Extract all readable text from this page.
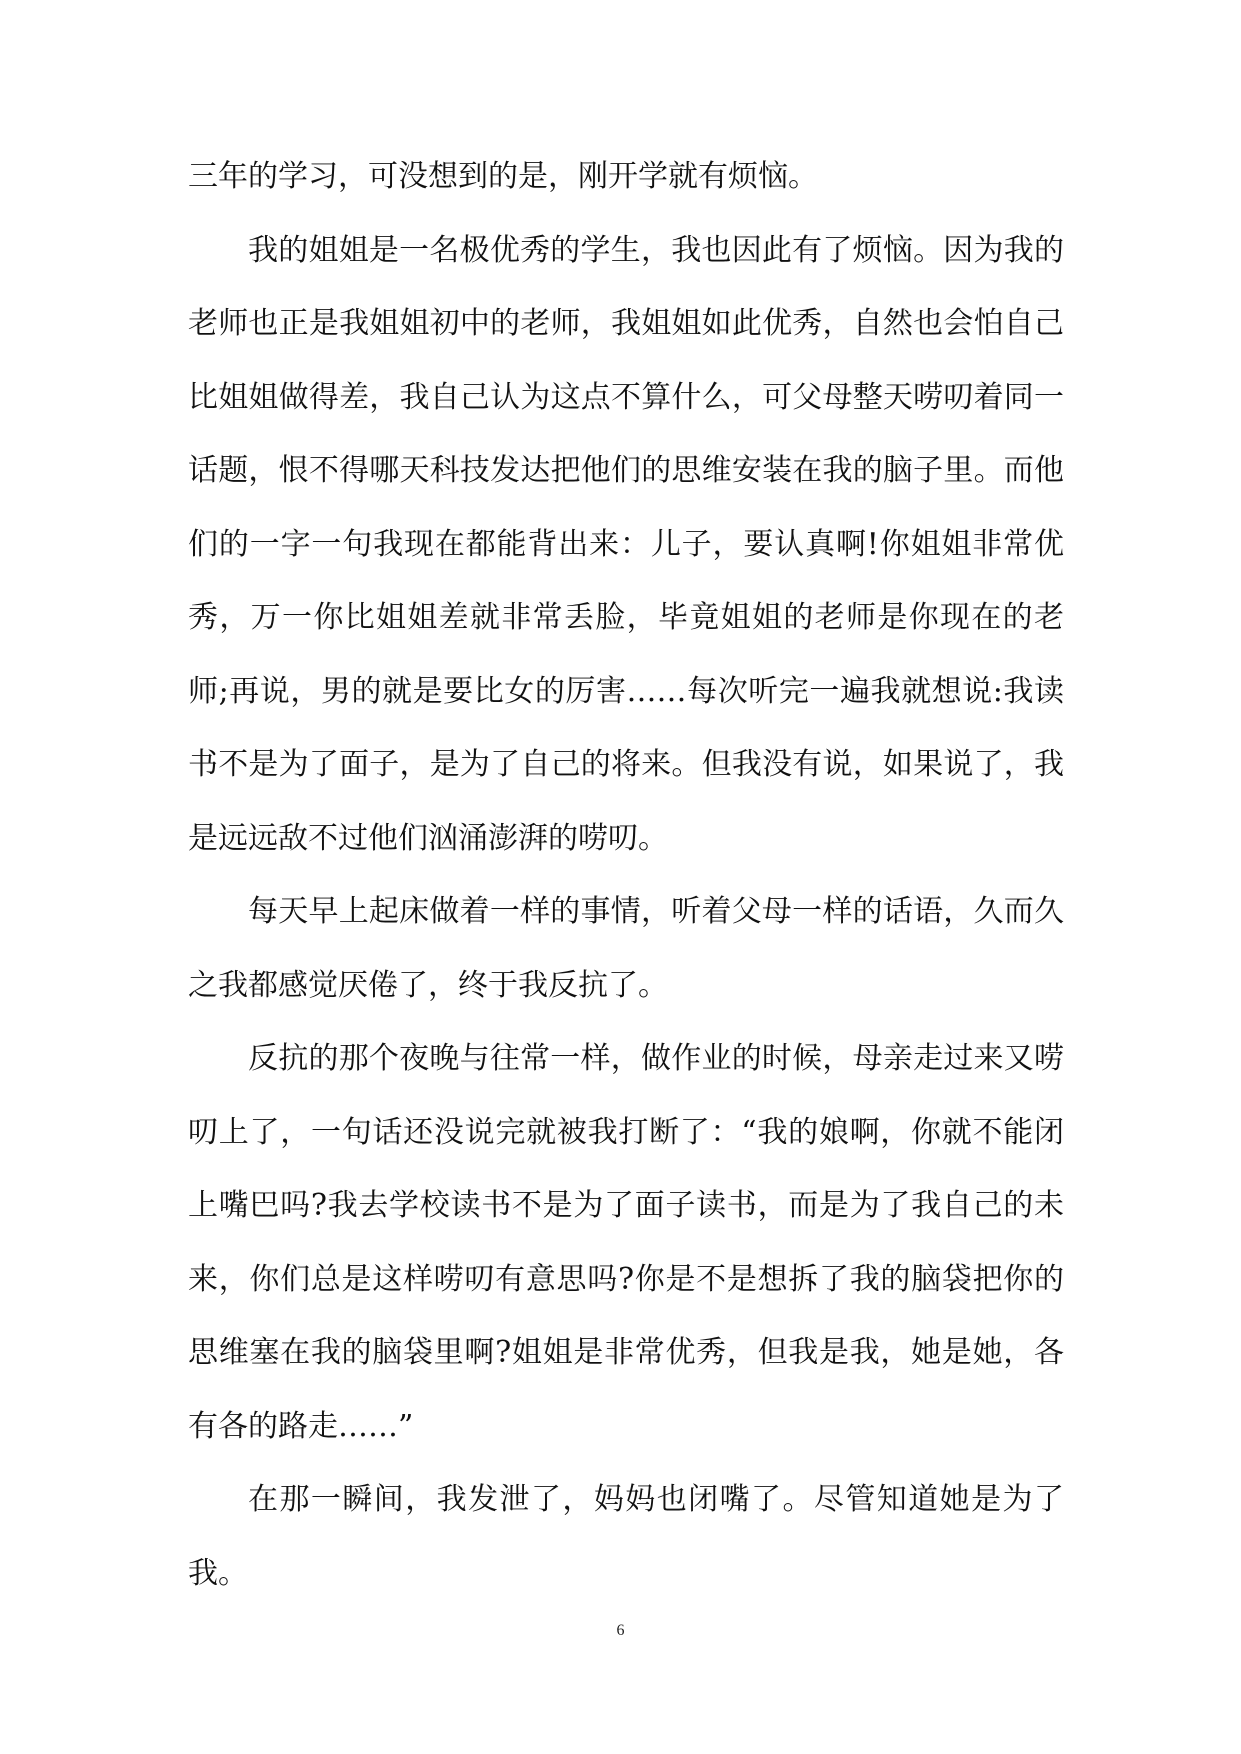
三年的学习，可没想到的是，刚开学就有烦恼。

我的姐姐是一名极优秀的学生，我也因此有了烦恼。因为我的老师也正是我姐姐初中的老师，我姐姐如此优秀，自然也会怕自己比姐姐做得差，我自己认为这点不算什么，可父母整天唠叨着同一话题，恨不得哪天科技发达把他们的思维安装在我的脑子里。而他们的一字一句我现在都能背出来：儿子，要认真啊!你姐姐非常优秀，万一你比姐姐差就非常丢脸，毕竟姐姐的老师是你现在的老师;再说，男的就是要比女的厉害……每次听完一遍我就想说:我读书不是为了面子，是为了自己的将来。但我没有说，如果说了，我是远远敌不过他们汹涌澎湃的唠叨。

每天早上起床做着一样的事情，听着父母一样的话语，久而久之我都感觉厌倦了，终于我反抗了。

反抗的那个夜晚与往常一样，做作业的时候，母亲走过来又唠叨上了，一句话还没说完就被我打断了：“我的娘啊，你就不能闭上嘴巴吗?我去学校读书不是为了面子读书，而是为了我自己的未来，你们总是这样唠叨有意思吗?你是不是想拆了我的脑袋把你的思维塞在我的脑袋里啊?姐姐是非常优秀，但我是我，她是她，各有各的路走……”

在那一瞬间，我发泄了，妈妈也闭嘴了。尽管知道她是为了我。

6
